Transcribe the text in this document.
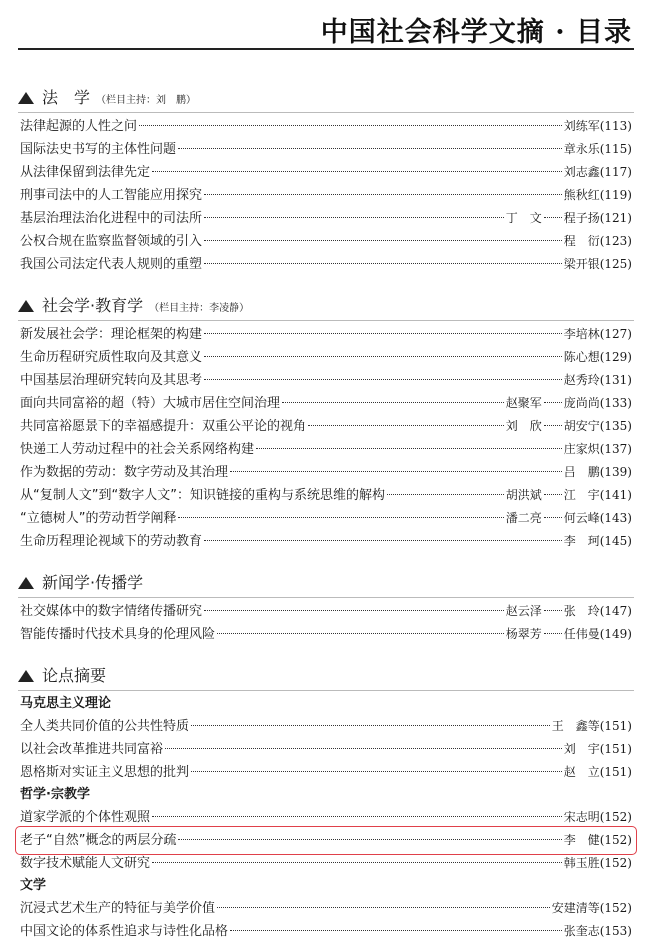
中国社会科学文摘 · 目录
法　学 （栏目主持：刘　鹏）
法律起源的人性之问	刘练军 (113)
国际法史书写的主体性问题	章永乐 (115)
从法律保留到法律先定	刘志鑫 (117)
刑事司法中的人工智能应用探究	熊秋红 (119)
基层治理法治化进程中的司法所	丁　文 程子扬 (121)
公权合规在监察监督领域的引入	程　衍 (123)
我国公司法定代表人规则的重塑	梁开银 (125)
社会学·教育学 （栏目主持：李凌静）
新发展社会学：理论框架的构建	李培林 (127)
生命历程研究质性取向及其意义	陈心想 (129)
中国基层治理研究转向及其思考	赵秀玲 (131)
面向共同富裕的超（特）大城市居住空间治理	赵聚军 庞尚尚 (133)
共同富裕愿景下的幸福感提升：双重公平论的视角	刘　欣 胡安宁 (135)
快递工人劳动过程中的社会关系网络构建	庄家炽 (137)
作为数据的劳动：数字劳动及其治理	吕　鹏 (139)
从“复制人文”到“数字人文”：知识链接的重构与系统思维的解构	胡洪斌 江　宇 (141)
“立德树人”的劳动哲学阐释	潘二亮 何云峰 (143)
生命历程理论视域下的劳动教育	李　珂 (145)
新闻学·传播学
社交媒体中的数字情绪传播研究	赵云泽 张　玲 (147)
智能传播时代技术具身的伦理风险	杨翠芳 任伟曼 (149)
论点摘要
马克思主义理论
全人类共同价值的公共性特质	王　鑫等 (151)
以社会改革推进共同富裕	刘　宇 (151)
恩格斯对实证主义思想的批判	赵　立 (151)
哲学·宗教学
道家学派的个体性观照	宋志明 (152)
老子“自然”概念的两层分疏	李　健 (152)
数字技术赋能人文研究	韩玉胜 (152)
文学
沉浸式艺术生产的特征与美学价值	安建清等 (152)
中国文论的体系性追求与诗性化品格	张奎志 (153)
